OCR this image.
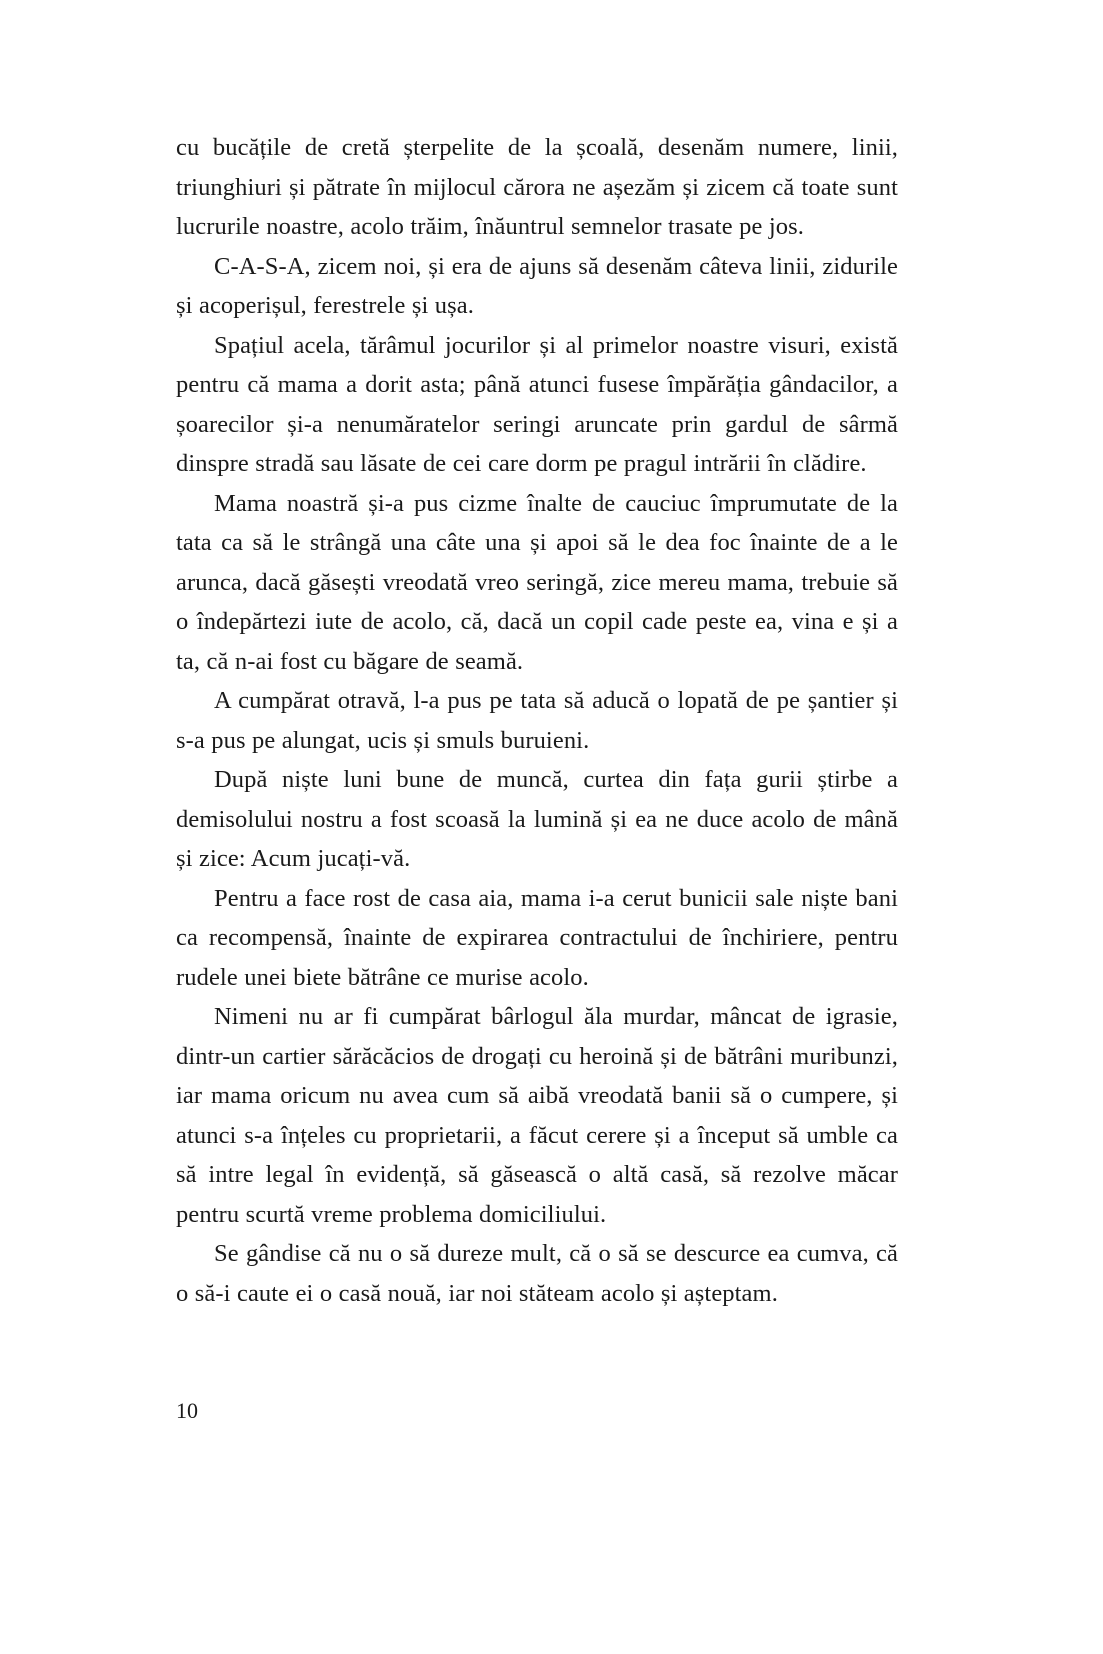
cu bucățile de cretă șterpelite de la școală, desenăm numere, linii, triunghiuri și pătrate în mijlocul cărora ne așezăm și zicem că toate sunt lucrurile noastre, acolo trăim, înăuntrul semnelor trasate pe jos.

C-A-S-A, zicem noi, și era de ajuns să desenăm câteva linii, zidurile și acoperișul, ferestrele și ușa.

Spațiul acela, tărâmul jocurilor și al primelor noastre visuri, există pentru că mama a dorit asta; până atunci fusese împărăția gândacilor, a șoarecilor și-a nenumăratelor seringi aruncate prin gardul de sârmă dinspre stradă sau lăsate de cei care dorm pe pragul intrării în clădire.

Mama noastră și-a pus cizme înalte de cauciuc împrumutate de la tata ca să le strângă una câte una și apoi să le dea foc înainte de a le arunca, dacă găsești vreodată vreo seringă, zice mereu mama, trebuie să o îndepărtezi iute de acolo, că, dacă un copil cade peste ea, vina e și a ta, că n-ai fost cu băgare de seamă.

A cumpărat otravă, l-a pus pe tata să aducă o lopată de pe șantier și s-a pus pe alungat, ucis și smuls buruieni.

După niște luni bune de muncă, curtea din fața gurii știrbe a demisolului nostru a fost scoasă la lumină și ea ne duce acolo de mână și zice: Acum jucați-vă.

Pentru a face rost de casa aia, mama i-a cerut bunicii sale niște bani ca recompensă, înainte de expirarea contractului de închiriere, pentru rudele unei biete bătrâne ce murise acolo.

Nimeni nu ar fi cumpărat bârlogul ăla murdar, mâncat de igrasie, dintr-un cartier sărăcăcios de drogați cu heroină și de bătrâni muribunzi, iar mama oricum nu avea cum să aibă vreodată banii să o cumpere, și atunci s-a înțeles cu proprietarii, a făcut cerere și a început să umble ca să intre legal în evidență, să găsească o altă casă, să rezolve măcar pentru scurtă vreme problema domiciliului.

Se gândise că nu o să dureze mult, că o să se descurce ea cumva, că o să-i caute ei o casă nouă, iar noi stăteam acolo și așteptam.

10
